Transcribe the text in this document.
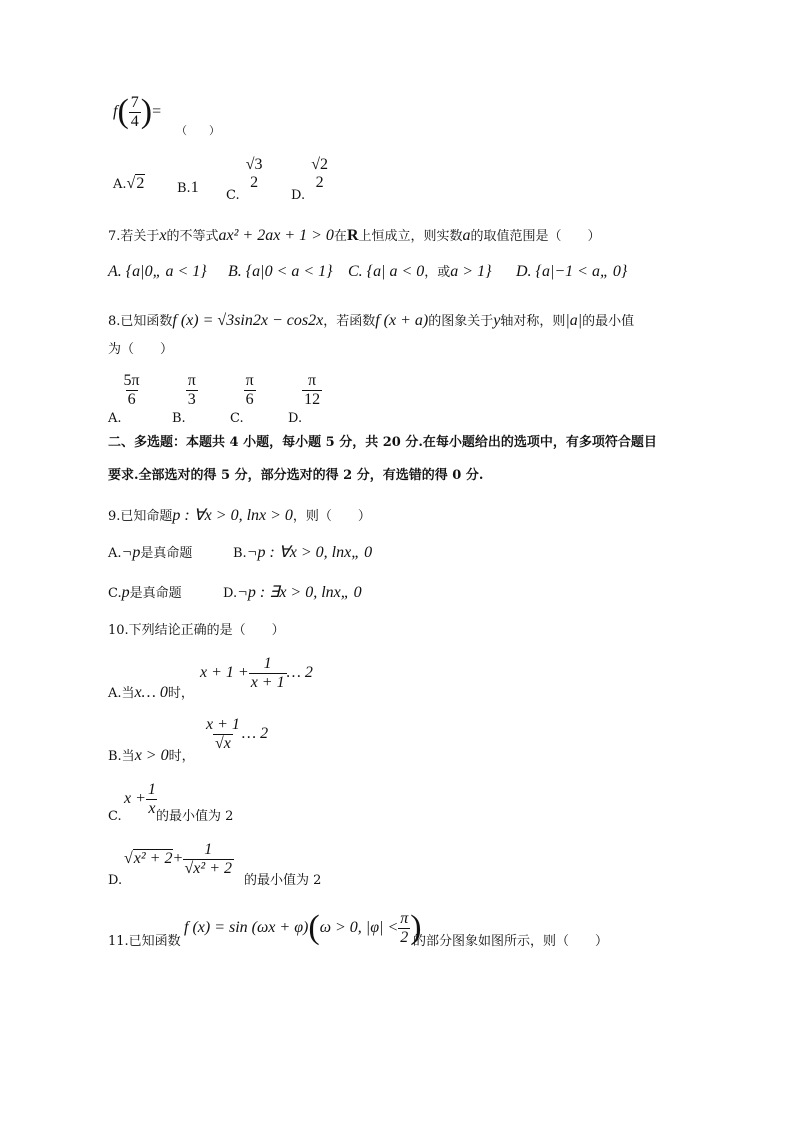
$f( \frac{7}{4}$ )=
（　　）
A.√2	B.1 C.
√3
2
D.
√2
2
7.若关于x的不等式ax² + 2ax + 1 > 0在R上恒成立，则实数a的取值范围是（　　）
A. {a|0„ a < 1} B. {a|0 < a < 1} C. {a| a < 0，或a > 1} D. {a|−1 < a„ 0}
8.已知函数f (x) = √3sin2x − cos2x，若函数f (x + a)的图象关于y轴对称，则|a|的最小值
为（　　）
A.
$\frac{5\pi}{6}$
B.
$\frac{\pi}{3}$
C.
$\frac{\pi}{6}$
D.
$\frac{\pi}{12}$
二、多选题：本题共 4 小题，每小题 5 分，共 20 分.在每小题给出的选项中，有多项符合题目
要求.全部选对的得 5 分，部分选对的得 2 分，有选错的得 0 分.
9.已知命题p : ∀x > 0, lnx > 0，则（　　）
A.¬p是真命题	B.¬p : ∀x > 0, lnx„ 0
C.p是真命题	D.¬p : ∃x > 0, lnx„ 0
10.下列结论正确的是（　　）
A.当x… 0时，
$x + 1 + \frac{1}{x + 1}$ … 2
B.当x > 0时，
$\frac{x + 1}{√x}$ … 2
C.
$x + \frac{1}{x}$
的最小值为 2
D.
$√x^2 + 2+ \frac{1}{\text{√x² + 2}}$
的最小值为 2
11.已知函数
f (x) = sin (ωx + φ)(ω > 0, $|\varphi| < \frac{\pi}{2}$ )
的部分图象如图所示，则（　　）
